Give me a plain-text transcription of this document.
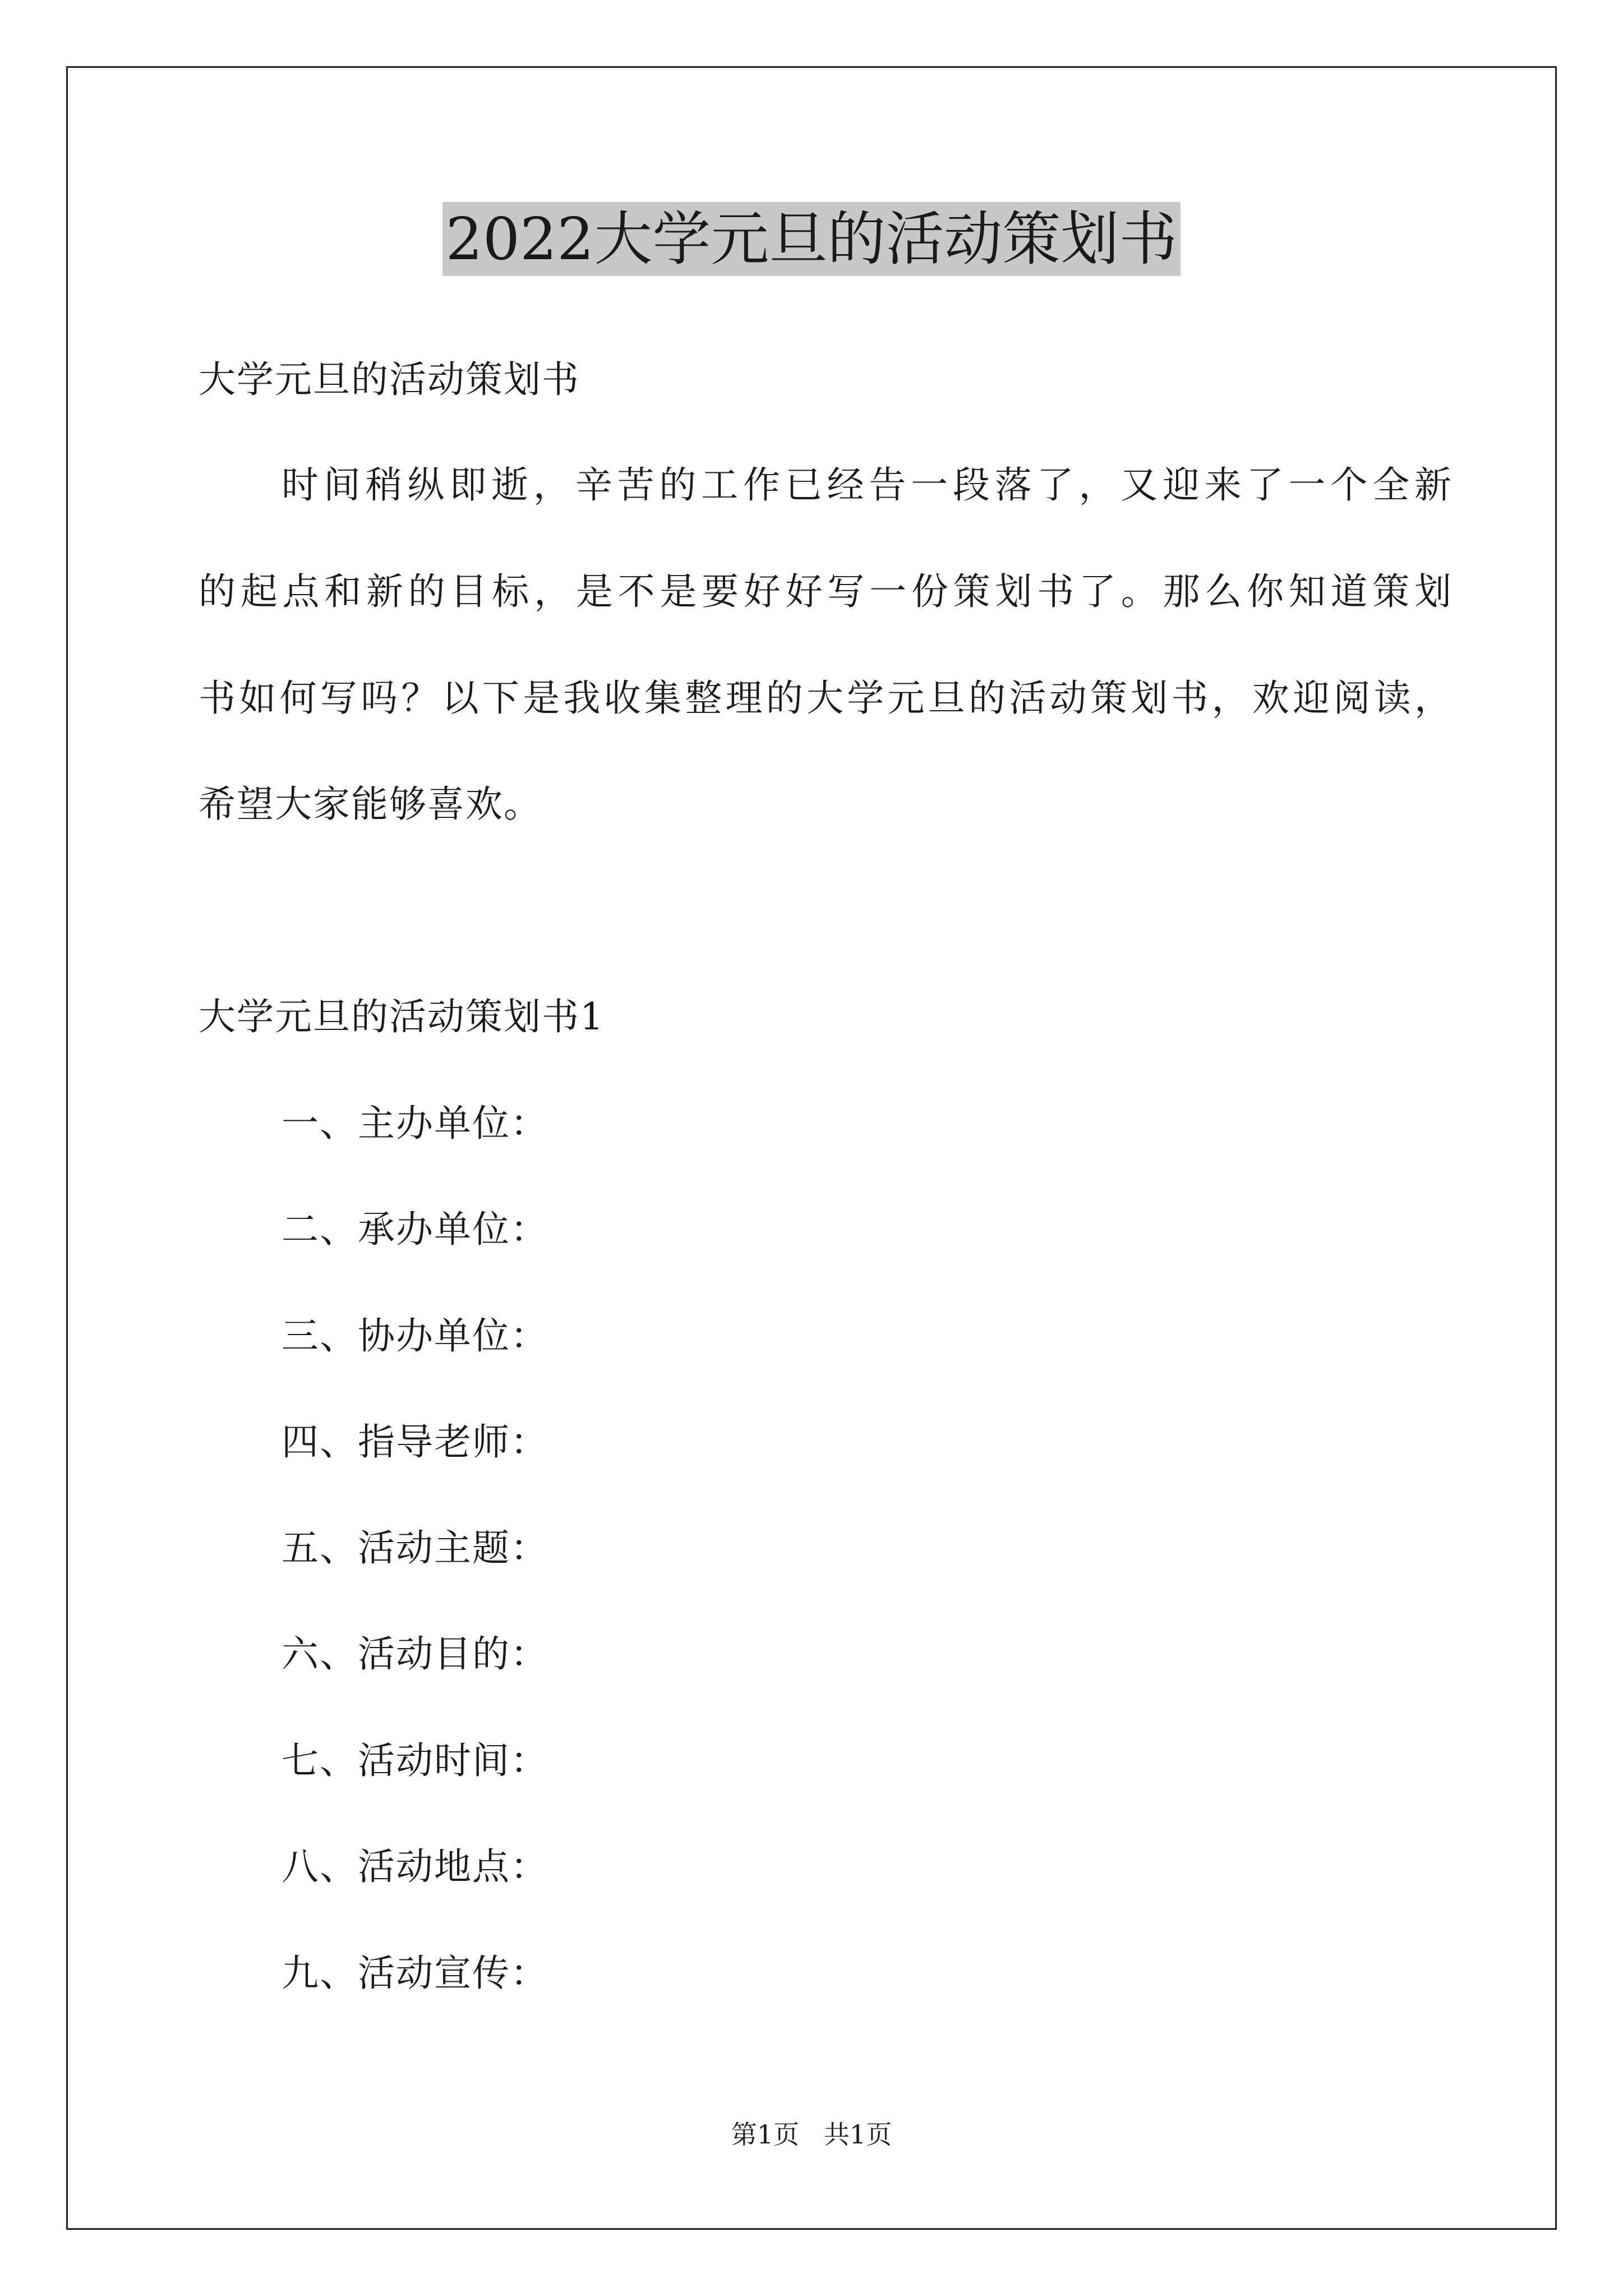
2022大学元旦的活动策划书

大学元旦的活动策划书

时间稍纵即逝，辛苦的工作已经告一段落了，又迎来了一个全新

的起点和新的目标，是不是要好好写一份策划书了。那么你知道策划

书如何写吗？以下是我收集整理的大学元旦的活动策划书，欢迎阅读，

希望大家能够喜欢。

大学元旦的活动策划书1

一、主办单位：

二、承办单位：

三、协办单位：

四、指导老师：

五、活动主题：

六、活动目的：

七、活动时间：

八、活动地点：

九、活动宣传：

第1页   共1页
